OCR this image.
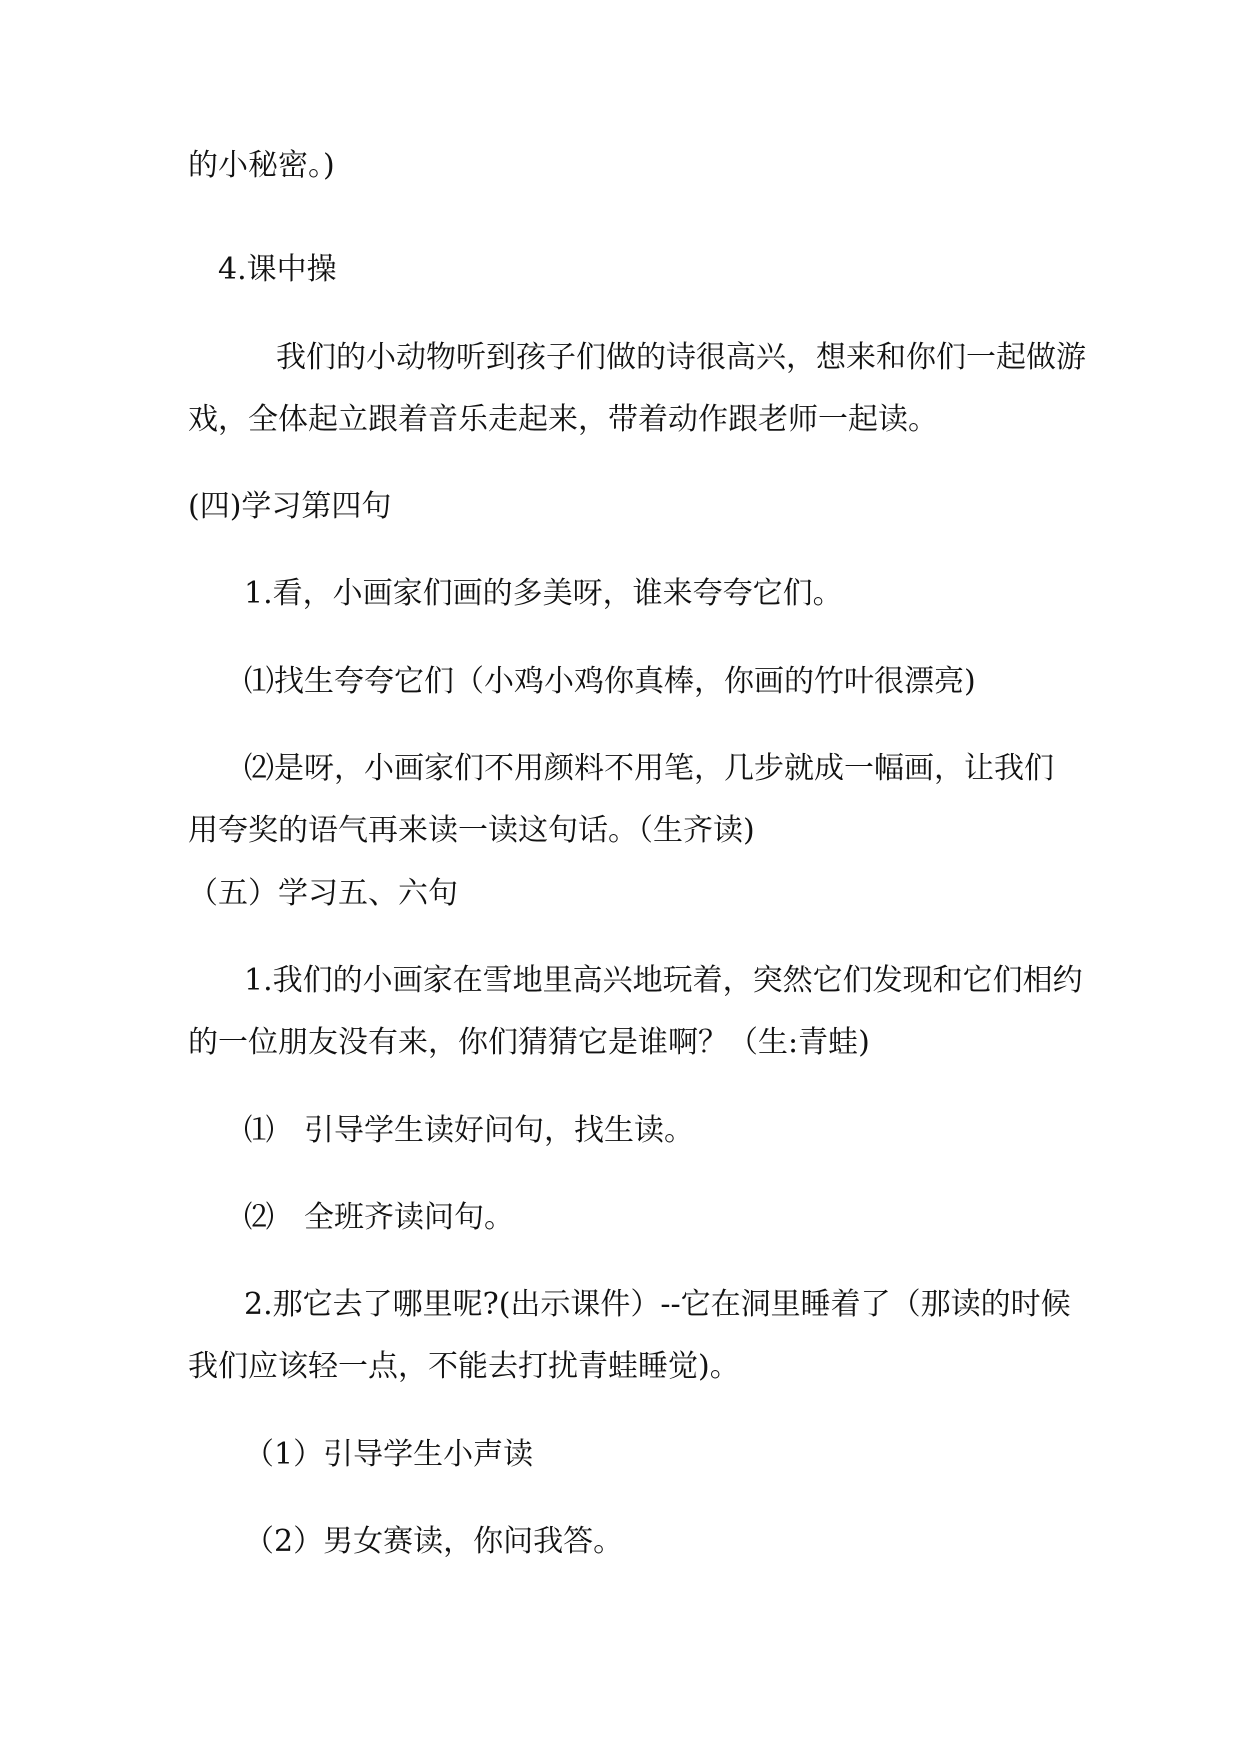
的小秘密。)

4.课中操

我们的小动物听到孩子们做的诗很高兴，想来和你们一起做游

戏，全体起立跟着音乐走起来，带着动作跟老师一起读。

(四)学习第四句

1.看，小画家们画的多美呀，谁来夸夸它们。

⑴找生夸夸它们（小鸡小鸡你真棒，你画的竹叶很漂亮)

⑵是呀，小画家们不用颜料不用笔，几步就成一幅画，让我们

用夸奖的语气再来读一读这句话。（生齐读)

（五）学习五、六句

1.我们的小画家在雪地里高兴地玩着，突然它们发现和它们相约

的一位朋友没有来，你们猜猜它是谁啊？（生:青蛙)

⑴　引导学生读好问句，找生读。

⑵　全班齐读问句。

2.那它去了哪里呢?(出示课件）--它在洞里睡着了（那读的时候

我们应该轻一点，不能去打扰青蛙睡觉)。

（1）引导学生小声读

（2）男女赛读，你问我答。
